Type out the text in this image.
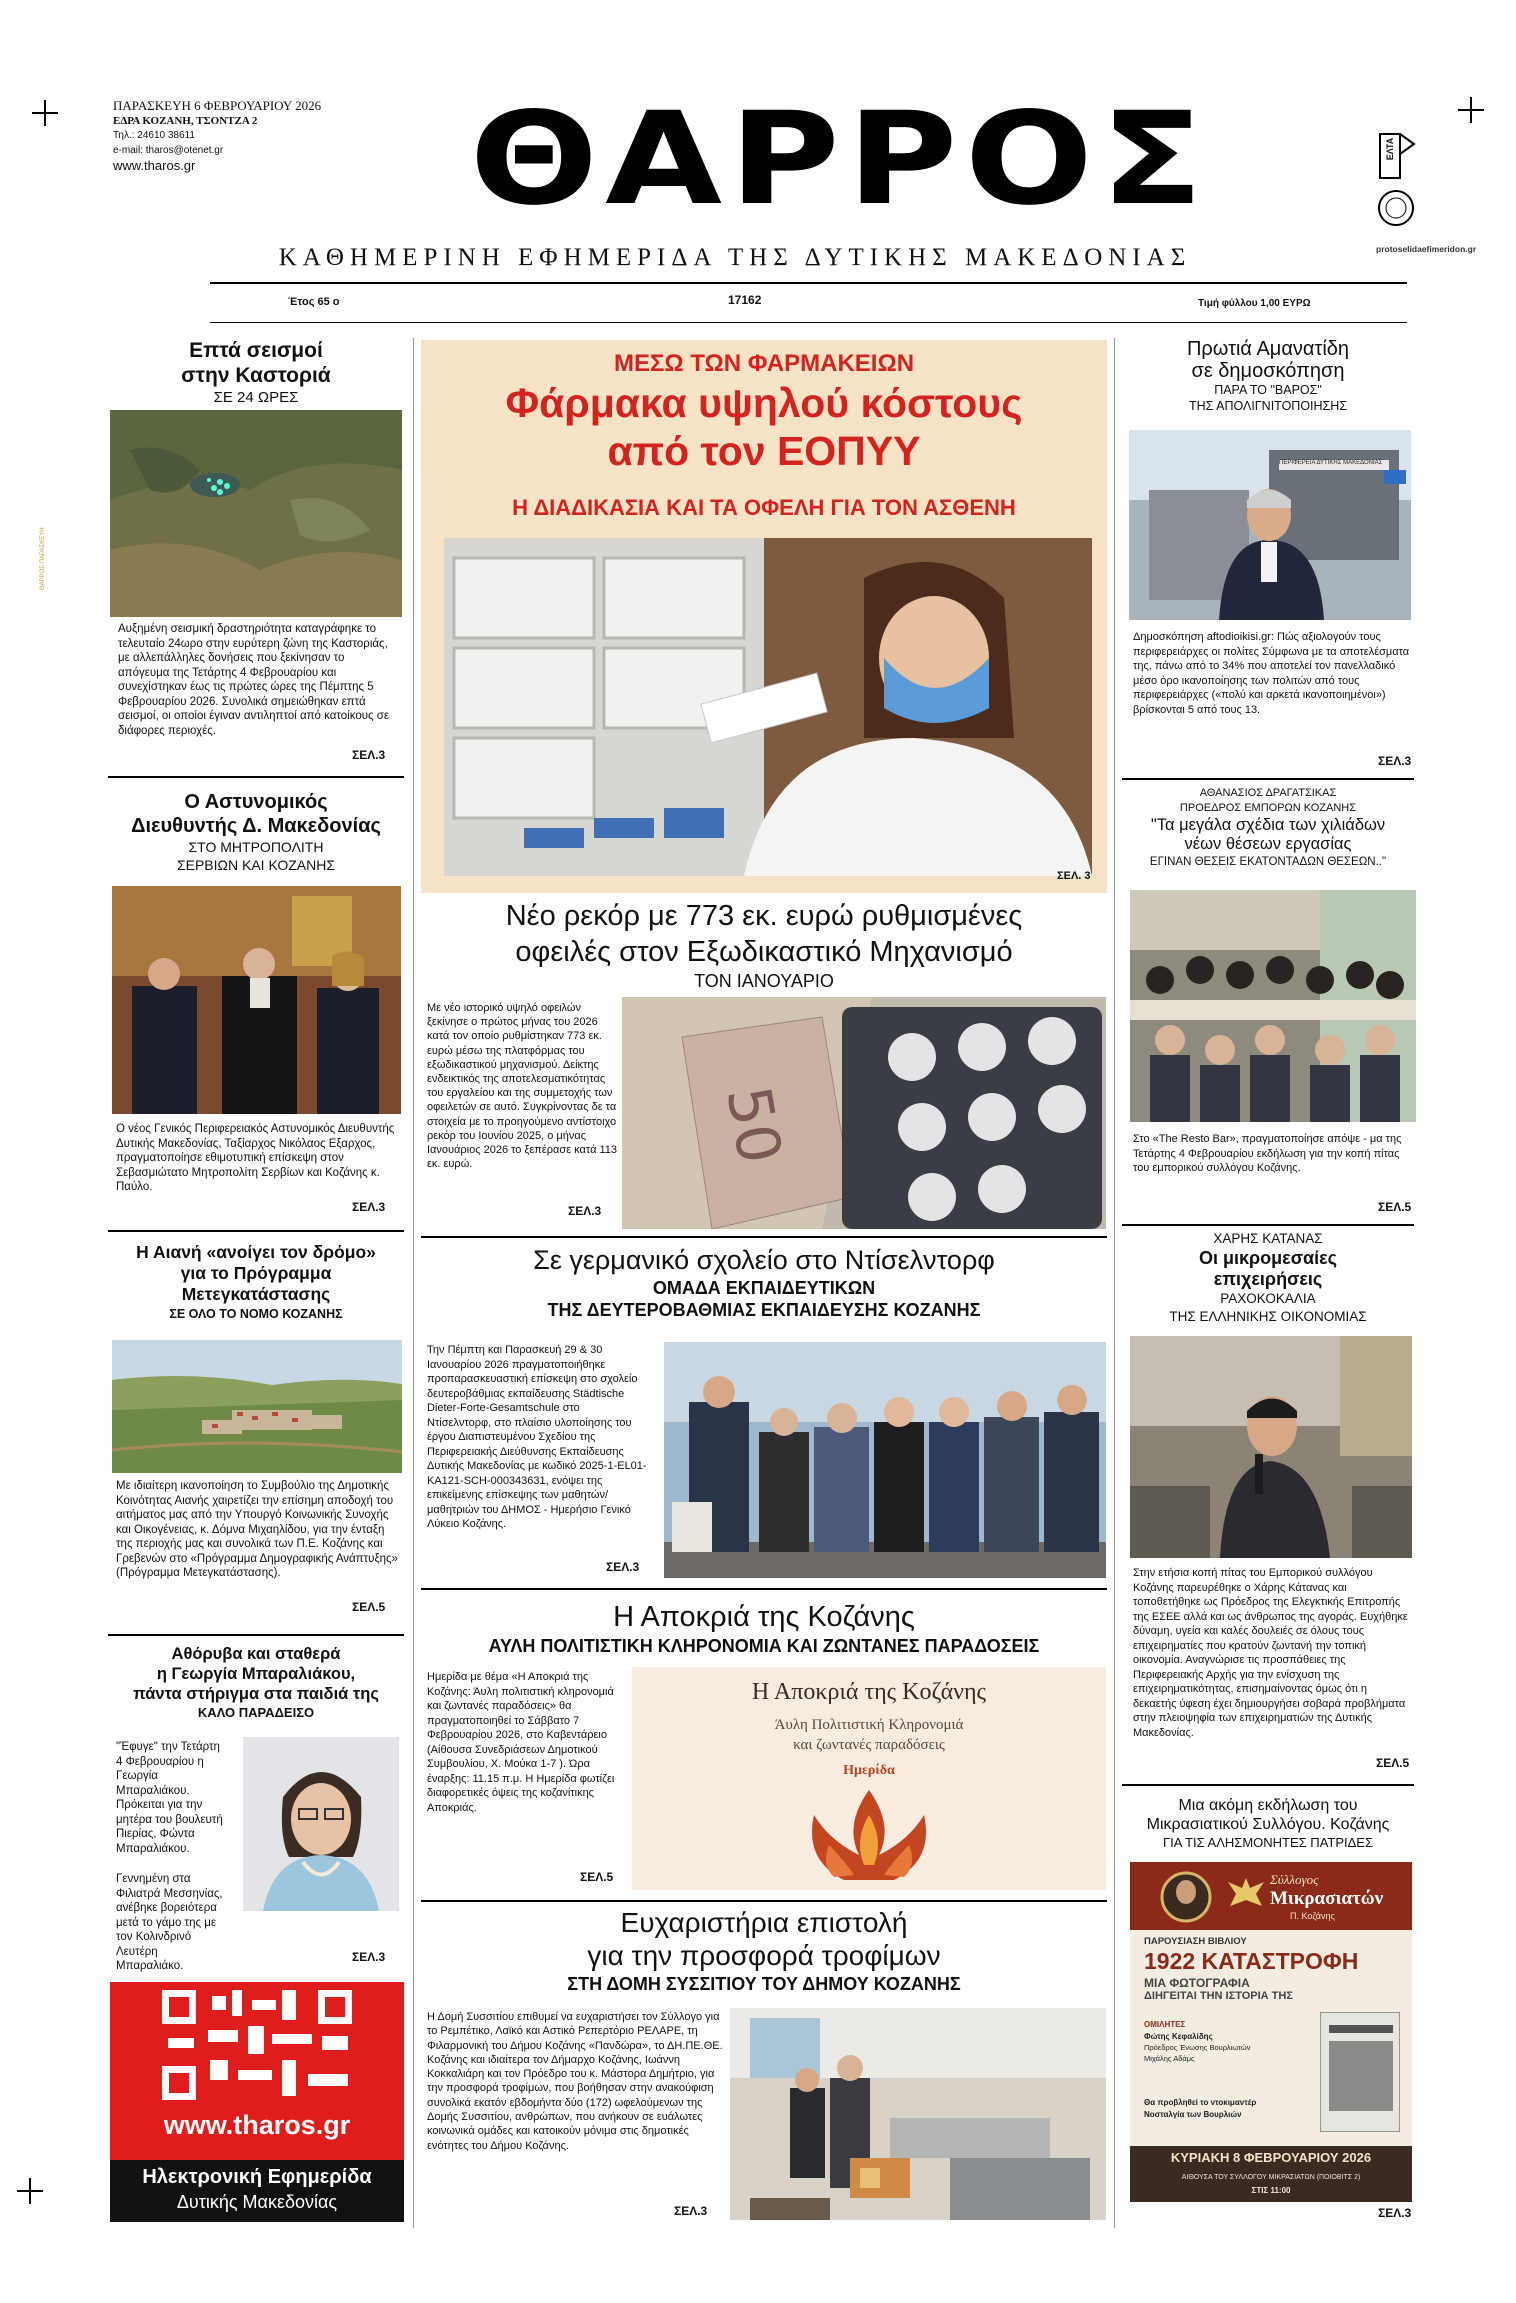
ΘΑΡΡΟΣ ΠΑΡΑΣΚΕΥΗ
ΠΑΡΑΣΚΕΥΗ 6 ΦΕΒΡΟΥΑΡΙΟΥ 2026
ΕΔΡΑ ΚΟΖΑΝΗ, ΤΣΟΝΤΖΑ 2
Τηλ.: 24610 38611
e-mail: tharos@otenet.gr
www.tharos.gr	ΘΑΡΡΟΣ	ΕΛΤΑ
protoselidaefimeridon.gr
ΚΑΘΗΜΕΡΙΝΗ ΕΦΗΜΕΡΙΔΑ ΤΗΣ ΔΥΤΙΚΗΣ ΜΑΚΕΔΟΝΙΑΣ
Έτος 65 ο	17162	Τιμή φύλλου 1,00 ΕΥΡΩ
Επτά σεισμοί
στην Καστοριά
ΣΕ 24 ΩΡΕΣ
Αυξημένη σεισμική δραστηριότητα καταγράφηκε το τελευταίο 24ωρο στην ευρύτερη ζώνη της Καστοριάς, με αλλεπάλληλες δονήσεις που ξεκίνησαν το απόγευμα της Τετάρτης 4 Φεβρουαρίου και συνεχίστηκαν έως τις πρώτες ώρες της Πέμπτης 5 Φεβρουαρίου 2026. Συνολικά σημειώθηκαν επτά σεισμοί, οι οποίοι έγιναν αντιληπτοί από κατοίκους σε διάφορες περιοχές.
ΣΕΛ.3
Ο Αστυνομικός
Διευθυντής Δ. Μακεδονίας
ΣΤΟ ΜΗΤΡΟΠΟΛΙΤΗ
ΣΕΡΒΙΩΝ ΚΑΙ ΚΟΖΑΝΗΣ
Ο νέος Γενικός Περιφερειακός Αστυνομικός Διευθυντής Δυτικής Μακεδονίας, Ταξίαρχος Νικόλαος Εξαρχος, πραγματοποίησε εθιμοτυπική επίσκεψη στον Σεβασμιώτατο Μητροπολίτη Σερβίων και Κοζάνης κ. Παύλο.
ΣΕΛ.3
Η Αιανή «ανοίγει τον δρόμο»
για το Πρόγραμμα
Μετεγκατάστασης
ΣΕ ΟΛΟ ΤΟ ΝΟΜΟ ΚΟΖΑΝΗΣ
Με ιδιαίτερη ικανοποίηση το Συμβούλιο της Δημοτικής Κοινότητας Αιανής χαιρετίζει την επίσημη αποδοχή του αιτήματος μας από την Υπουργό Κοινωνικής Συνοχής και Οικογένειας, κ. Δόμνα Μιχαηλίδου, για την ένταξη της περιοχής μας και συνολικά των Π.Ε. Κοζάνης και Γρεβενών στο «Πρόγραμμα Δημογραφικής Ανάπτυξης» (Πρόγραμμα Μετεγκατάστασης).
ΣΕΛ.5
Αθόρυβα και σταθερά
η Γεωργία Μπαραλιάκου,
πάντα στήριγμα στα παιδιά της
ΚΑΛΟ ΠΑΡΑΔΕΙΣΟ
"Έφυγε" την Τετάρτη 4 Φεβρουαρίου η Γεωργία Μπαραλιάκου. Πρόκειται για την μητέρα του βουλευτή Πιερίας, Φώντα Μπαραλιάκου.
Γεννημένη στα Φιλιατρά Μεσσηνίας, ανέβηκε βορειότερα μετά το γάμο της με τον Κολινδρινό Λευτέρη Μπαραλιάκο.
ΣΕΛ.3
www.tharos.gr
Ηλεκτρονική Εφημερίδα
Δυτικής Μακεδονίας
ΜΕΣΩ ΤΩΝ ΦΑΡΜΑΚΕΙΩΝ
Φάρμακα υψηλού κόστους
από τον ΕΟΠΥΥ
Η ΔΙΑΔΙΚΑΣΙΑ ΚΑΙ ΤΑ ΟΦΕΛΗ ΓΙΑ ΤΟΝ ΑΣΘΕΝΗ
ΣΕΛ. 3
Νέο ρεκόρ με 773 εκ. ευρώ ρυθμισμένες
οφειλές στον Εξωδικαστικό Μηχανισμό
ΤΟΝ ΙΑΝΟΥΑΡΙΟ
Με νέο ιστορικό υψηλό οφειλών ξεκίνησε ο πρώτος μήνας του 2026 κατά τον οποίο ρυθμίστηκαν 773 εκ. ευρώ μέσω της πλατφόρμας του εξωδικαστικού μηχανισμού. Δείκτης ενδεικτικός της αποτελεσματικότητας του εργαλείου και της συμμετοχής των οφειλετών σε αυτό. Συγκρίνοντας δε τα στοιχεία με το προηγούμενο αντίστοιχο ρεκόρ του Ιουνίου 2025, ο μήνας Ιανουάριος 2026 το ξεπέρασε κατά 113 εκ. ευρώ.	50
ΣΕΛ.3
Σε γερμανικό σχολείο στο Ντίσελντορφ
ΟΜΑΔΑ ΕΚΠΑΙΔΕΥΤΙΚΩΝ
ΤΗΣ ΔΕΥΤΕΡΟΒΑΘΜΙΑΣ ΕΚΠΑΙΔΕΥΣΗΣ ΚΟΖΑΝΗΣ
Την Πέμπτη και Παρασκευή 29 & 30 Ιανουαρίου 2026 πραγματοποιήθηκε προπαρασκευαστική επίσκεψη στο σχολείο δευτεροβάθμιας εκπαίδευσης Städtische Dieter-Forte-Gesamtschule στο Ντίσελντορφ, στο πλαίσιο υλοποίησης του έργου Διαπιστευμένου Σχεδίου της Περιφερειακής Διεύθυνσης Εκπαίδευσης Δυτικής Μακεδονίας με κωδικό 2025-1-EL01-KA121-SCH-000343631, ενόψει της επικείμενης επίσκεψης των μαθητών/μαθητριών του ΔΗΜΟΣ - Ημερήσιο Γενικό Λύκειο Κοζάνης.
ΣΕΛ.3
Η Αποκριά της Κοζάνης
ΑΥΛΗ ΠΟΛΙΤΙΣΤΙΚΗ ΚΛΗΡΟΝΟΜΙΑ ΚΑΙ ΖΩΝΤΑΝΕΣ ΠΑΡΑΔΟΣΕΙΣ
Ημερίδα με θέμα «Η Αποκριά της Κοζάνης: Άυλη πολιτιστική κληρονομιά και ζωντανές παραδόσεις» θα πραγματοποιηθεί το Σάββατο 7 Φεβρουαρίου 2026, στο Καβεντάρειο (Αίθουσα Συνεδριάσεων Δημοτικού Συμβουλίου, Χ. Μούκα 1-7 ). Ώρα έναρξης: 11.15 π.μ. Η Ημερίδα φωτίζει διαφορετικές όψεις της κοζανίτικης Αποκριάς.
Η Αποκριά της Κοζάνης
Άυλη Πολιτιστική Κληρονομιά
και ζωντανές παραδόσεις
Ημερίδα
ΣΕΛ.5
Ευχαριστήρια επιστολή
για την προσφορά τροφίμων
ΣΤΗ ΔΟΜΗ ΣΥΣΣΙΤΙΟΥ ΤΟΥ ΔΗΜΟΥ ΚΟΖΑΝΗΣ
Η Δομή Συσσιτίου επιθυμεί να ευχαριστήσει τον Σύλλογο για το Ρεμπέτικο, Λαϊκό και Αστικό Ρεπερτόριο ΡΕΛΑΡΕ, τη Φιλαρμονική του Δήμου Κοζάνης «Πανδώρα», το ΔΗ.ΠΕ.ΘΕ. Κοζάνης και ιδιαίτερα τον Δήμαρχο Κοζάνης, Ιωάννη Κοκκαλιάρη και τον Πρόεδρο του κ. Μάστορα Δημήτριο, για την προσφορά τροφίμων, που βοήθησαν στην ανακούφιση συνολικά εκατόν εβδομήντα δύο (172) ωφελούμενων της Δομής Συσσιτίου, ανθρώπων, που ανήκουν σε ευάλωτες κοινωνικά ομάδες και κατοικούν μόνιμα στις δημοτικές ενότητες του Δήμου Κοζάνης.
ΣΕΛ.3
Πρωτιά Αμανατίδη
σε δημοσκόπηση
ΠΑΡΑ ΤΟ "ΒΑΡΟΣ"
ΤΗΣ ΑΠΟΛΙΓΝΙΤΟΠΟΙΗΣΗΣ
ΠΕΡΙΦΕΡΕΙΑ ΔΥΤΙΚΗΣ ΜΑΚΕΔΟΝΙΑΣ
Δημοσκόπηση aftodioikisi.gr: Πώς αξιολογούν τους περιφερειάρχες οι πολίτες Σύμφωνα με τα αποτελέσματα της, πάνω από το 34% που αποτελεί τον πανελλαδικό μέσο όρο ικανοποίησης των πολιτών από τους περιφερειάρχες («πολύ και αρκετά ικανοποιημένοι») βρίσκονται 5 από τους 13.
ΣΕΛ.3
ΑΘΑΝΑΣΙΟΣ ΔΡΑΓΑΤΣΙΚΑΣ
ΠΡΟΕΔΡΟΣ ΕΜΠΟΡΩΝ ΚΟΖΑΝΗΣ
"Τα μεγάλα σχέδια των χιλιάδων
νέων θέσεων εργασίας
ΕΓΙΝΑΝ ΘΕΣΕΙΣ ΕΚΑΤΟΝΤΑΔΩΝ ΘΕΣΕΩΝ.."
Στο «The Resto Bar», πραγματοποίησε απόψε - μα της Τετάρτης 4 Φεβρουαρίου εκδήλωση για την κοπή πίτας του εμπορικού συλλόγου Κοζάνης.
ΣΕΛ.5
ΧΑΡΗΣ ΚΑΤΑΝΑΣ
Οι μικρομεσαίες
επιχειρήσεις
ΡΑΧΟΚΟΚΑΛΙΑ
ΤΗΣ ΕΛΛΗΝΙΚΗΣ ΟΙΚΟΝΟΜΙΑΣ
Στην ετήσια κοπή πίτας του Εμπορικού συλλόγου Κοζάνης παρευρέθηκε ο Χάρης Κάτανας και τοποθετήθηκε ως Πρόεδρος της Ελεγκτικής Επιτροπής της ΕΣΕΕ αλλά και ως άνθρωπος της αγοράς. Ευχήθηκε δύναμη, υγεία και καλές δουλειές σε όλους τους επιχειρηματίες που κρατούν ζωντανή την τοπική οικονομία. Αναγνώρισε τις προσπάθειες της Περιφερειακής Αρχής για την ενίσχυση της επιχειρηματικότητας, επισημαίνοντας όμως ότι η δεκαετής ύφεση έχει δημιουργήσει σοβαρά προβλήματα στην πλειοψηφία των επιχειρηματιών της Δυτικής Μακεδονίας.
ΣΕΛ.5
Μια ακόμη εκδήλωση του
Μικρασιατικού Συλλόγου. Κοζάνης
ΓΙΑ ΤΙΣ ΑΛΗΣΜΟΝΗΤΕΣ ΠΑΤΡΙΔΕΣ
Σύλλογος
Μικρασιατών
Π. Κοζάνης
ΠΑΡΟΥΣΙΑΣΗ ΒΙΒΛΙΟΥ
1922 ΚΑΤΑΣΤΡΟΦΗ
ΜΙΑ ΦΩΤΟΓΡΑΦΙΑ
ΔΙΗΓΕΙΤΑΙ ΤΗΝ ΙΣΤΟΡΙΑ ΤΗΣ
ΟΜΙΛΗΤΕΣ
Φώτης Κεφαλίδης
Πρόεδρος Ένωσης Βουρλιωτών
Μιχάλης Αδάμς
Θα προβληθεί το ντοκιμαντέρ
Νοσταλγία των Βουρλιών
ΚΥΡΙΑΚΗ 8 ΦΕΒΡΟΥΑΡΙΟΥ 2026
ΑΙΘΟΥΣΑ ΤΟΥ ΣΥΛΛΟΓΟΥ ΜΙΚΡΑΣΙΑΤΩΝ (ΠΟΙΟΒΙΤΣ 2)
ΣΤΙΣ 11:00
ΣΕΛ.3
